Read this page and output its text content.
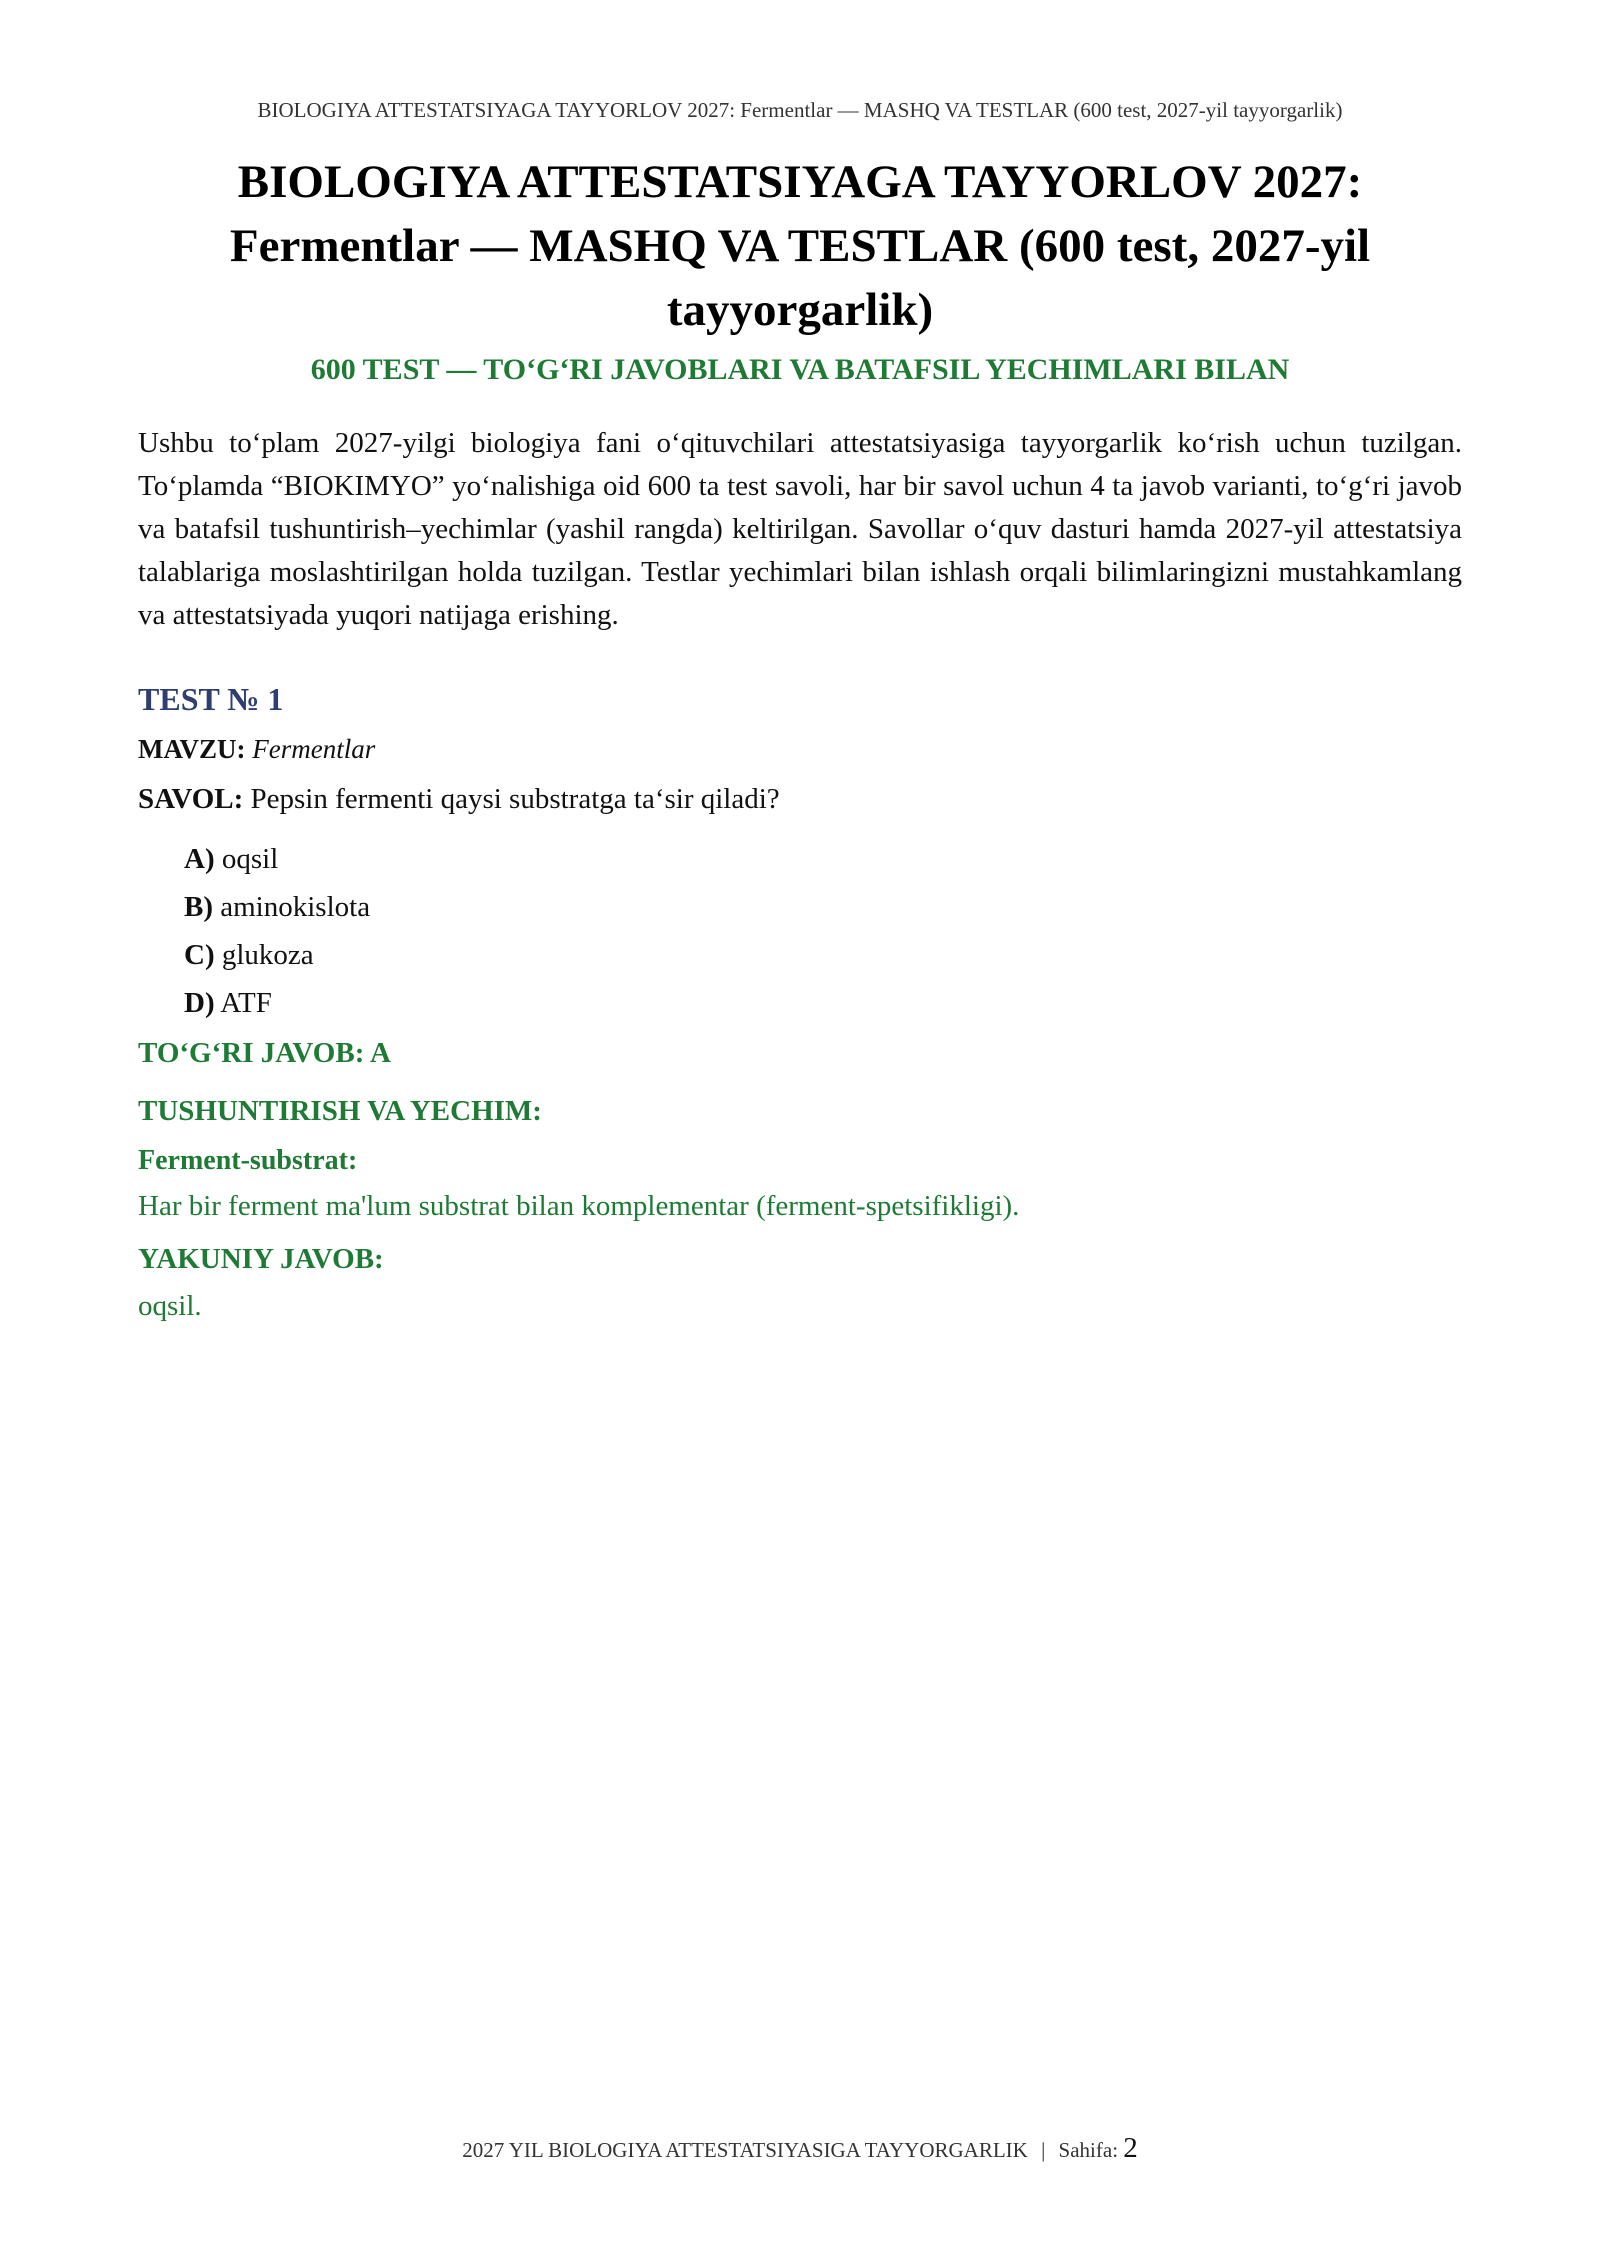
BIOLOGIYA ATTESTATSIYAGA TAYYORLOV 2027: Fermentlar — MASHQ VA TESTLAR (600 test, 2027-yil tayyorgarlik)
BIOLOGIYA ATTESTATSIYAGA TAYYORLOV 2027: Fermentlar — MASHQ VA TESTLAR (600 test, 2027-yil tayyorgarlik)
600 TEST — TO‘G‘RI JAVOBLARI VA BATAFSIL YECHIMLARI BILAN

Ushbu to‘plam 2027-yilgi biologiya fani o‘qituvchilari attestatsiyasiga tayyorgarlik ko‘rish uchun tuzilgan. To‘plamda “BIOKIMYO” yo‘nalishiga oid 600 ta test savoli, har bir savol uchun 4 ta javob varianti, to‘g‘ri javob va batafsil tushuntirish–yechimlar (yashil rangda) keltirilgan. Savollar o‘quv dasturi hamda 2027-yil attestatsiya talablariga moslashtirilgan holda tuzilgan. Testlar yechimlari bilan ishlash orqali bilimlaringizni mustahkamlang va attestatsiyada yuqori natijaga erishing.

TEST № 1
MAVZU: Fermentlar
SAVOL: Pepsin fermenti qaysi substratga ta‘sir qiladi?
A) oqsil
B) aminokislota
C) glukoza
D) ATF
TO‘G‘RI JAVOB: A
TUSHUNTIRISH VA YECHIM:
Ferment-substrat:
Har bir ferment ma'lum substrat bilan komplementar (ferment-spetsifikligi).
YAKUNIY JAVOB:
oqsil.
2027 YIL BIOLOGIYA ATTESTATSIYASIGA TAYYORGARLIK | Sahifa: 2
